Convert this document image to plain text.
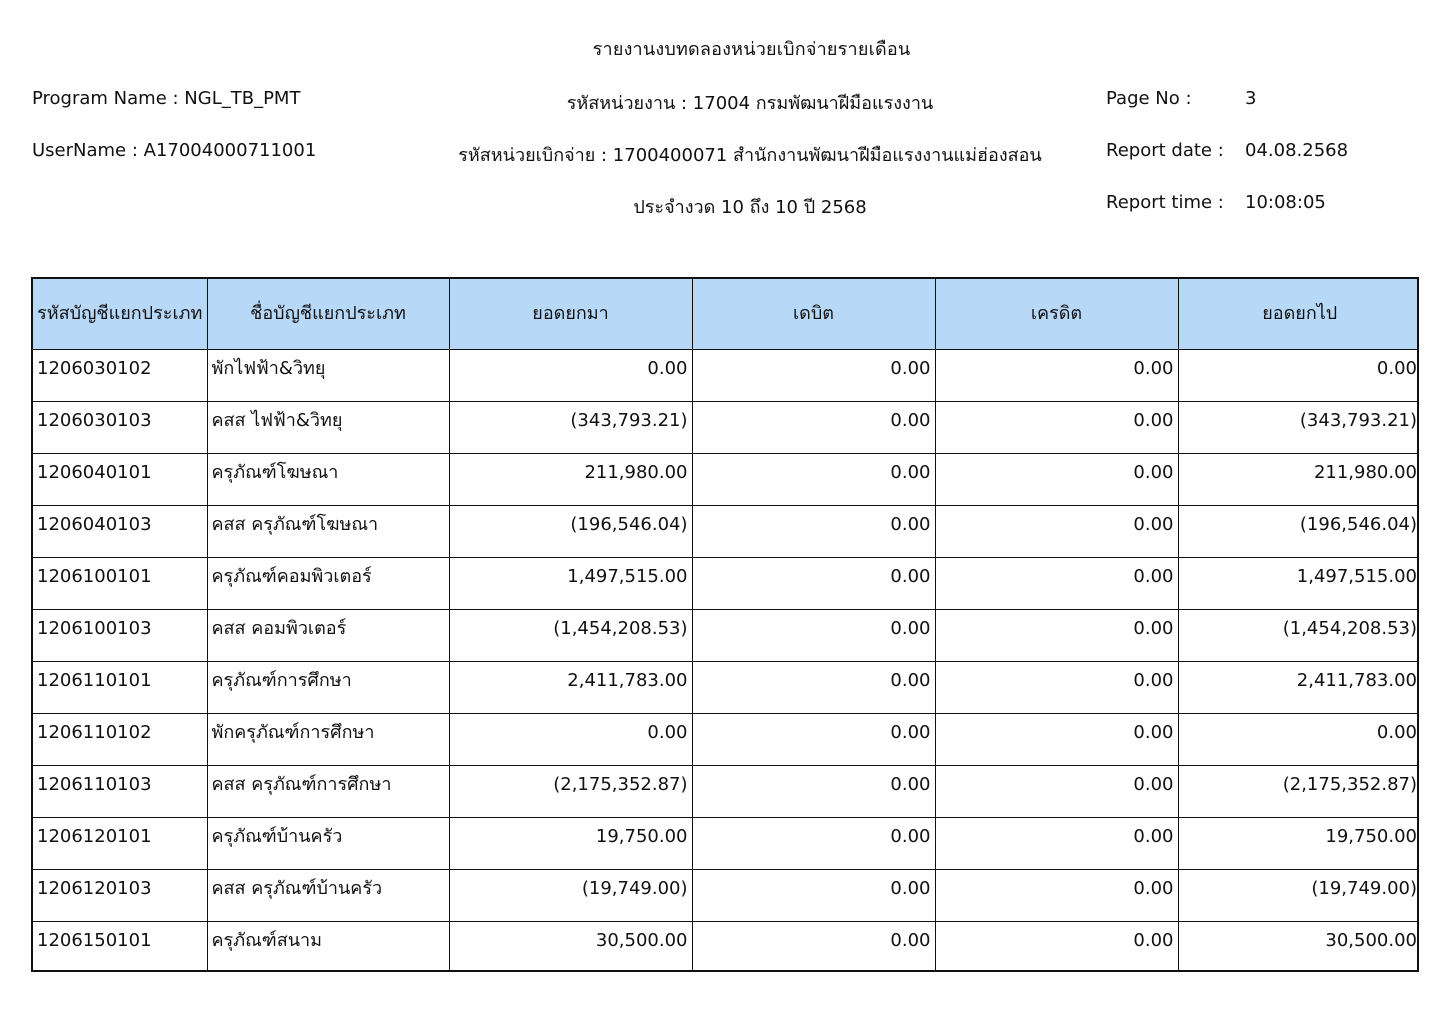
รายงานงบทดลองหน่วยเบิกจ่ายรายเดือน
Program Name : NGL_TB_PMT
UserName : A17004000711001
รหัสหน่วยงาน : 17004 กรมพัฒนาฝีมือแรงงาน
รหัสหน่วยเบิกจ่าย : 1700400071 สำนักงานพัฒนาฝีมือแรงงานแม่ฮ่องสอน
ประจำงวด 10 ถึง 10 ปี 2568
Page No :	3
Report date : 04.08.2568
Report time : 10:08:05
รหัสบัญชีแยกประเภท	ชื่อบัญชีแยกประเภท	ยอดยกมา	เดบิต	เครดิต	ยอดยกไป
1206030102	พักไฟฟ้า&วิทยุ	0.00	0.00	0.00	0.00
1206030103	คสส ไฟฟ้า&วิทยุ	(343,793.21)	0.00	0.00	(343,793.21)
1206040101	ครุภัณฑ์โฆษณา	211,980.00	0.00	0.00	211,980.00
1206040103	คสส ครุภัณฑ์โฆษณา	(196,546.04)	0.00	0.00	(196,546.04)
1206100101	ครุภัณฑ์คอมพิวเตอร์	1,497,515.00	0.00	0.00	1,497,515.00
1206100103	คสส คอมพิวเตอร์	(1,454,208.53)	0.00	0.00	(1,454,208.53)
1206110101	ครุภัณฑ์การศึกษา	2,411,783.00	0.00	0.00	2,411,783.00
1206110102	พักครุภัณฑ์การศึกษา	0.00	0.00	0.00	0.00
1206110103	คสส ครุภัณฑ์การศึกษา	(2,175,352.87)	0.00	0.00	(2,175,352.87)
1206120101	ครุภัณฑ์บ้านครัว	19,750.00	0.00	0.00	19,750.00
1206120103	คสส ครุภัณฑ์บ้านครัว	(19,749.00)	0.00	0.00	(19,749.00)
1206150101	ครุภัณฑ์สนาม	30,500.00	0.00	0.00	30,500.00
